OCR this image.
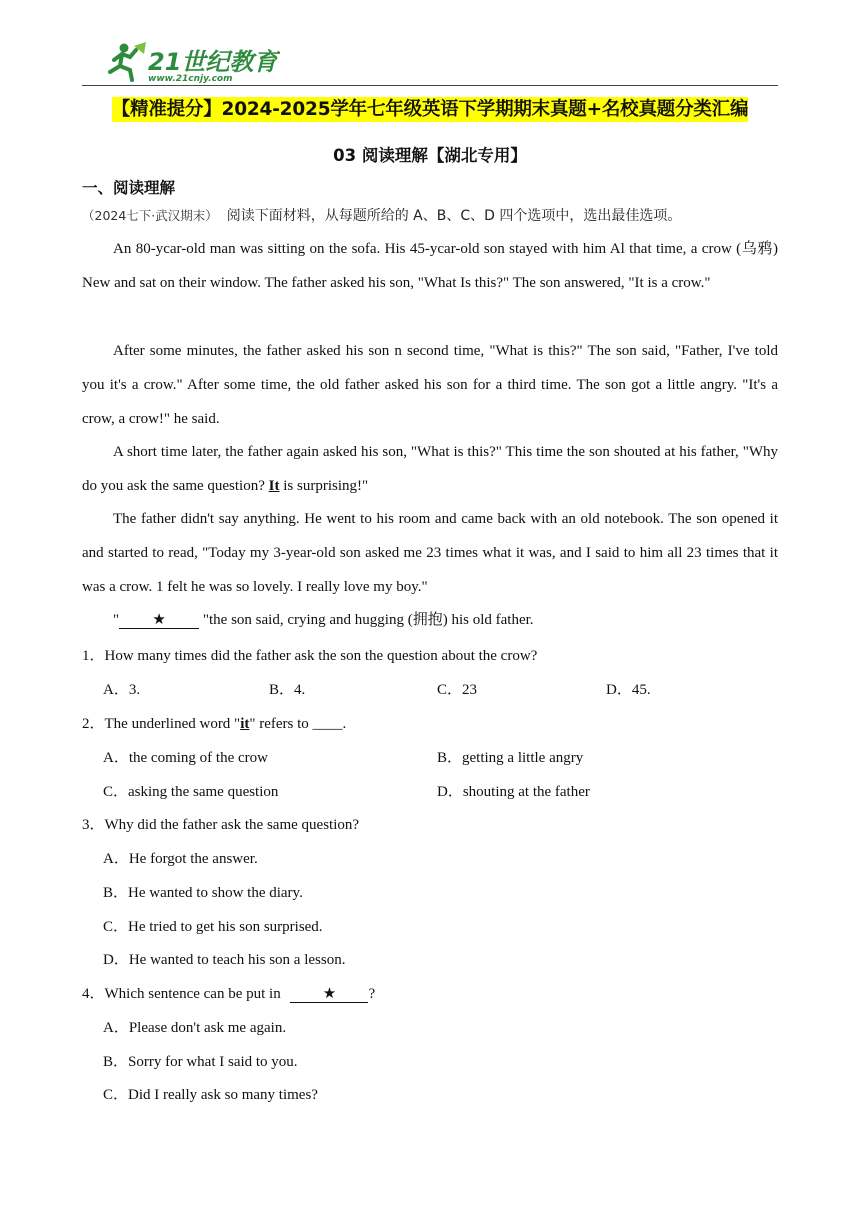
21世纪教育
www.21cnjy.com
【精准提分】2024-2025学年七年级英语下学期期末真题+名校真题分类汇编
03 阅读理解【湖北专用】
一、阅读理解
（2024七下·武汉期末） 阅读下面材料，从每题所给的 A、B、C、D 四个选项中，选出最佳选项。

An 80-ycar-old man was sitting on the sofa. His 45-ycar-old son stayed with him Al that time, a crow (乌鸦) New and sat on their window. The father asked his son, "What Is this?" The son answered, "It is a crow."

After some minutes, the father asked his son n second time, "What is this?" The son said, "Father, I've told you it's a crow." After some time, the old father asked his son for a third time. The son got a little angry. "It's a crow, a crow!" he said.

A short time later, the father again asked his son, "What is this?" This time the son shouted at his father, "Why do you ask the same question? It is surprising!"

The father didn't say anything. He went to his room and came back with an old notebook. The son opened it and started to read, "Today my 3-year-old son asked me 23 times what it was, and I said to him all 23 times that it was a crow. 1 felt he was so lovely. I really love my boy."

" ★ "the son said, crying and hugging (拥抱) his old father.

1．How many times did the father ask the son the question about the crow?
A．3.	B．4.	C．23	D．45.
2．The underlined word "it" refers to ____.
A．the coming of the crow	B．getting a little angry
C．asking the same question	D．shouting at the father
3．Why did the father ask the same question?
A．He forgot the answer.
B．He wanted to show the diary.
C．He tried to get his son surprised.
D．He wanted to teach his son a lesson.
4．Which sentence can be put in	★ ?
A．Please don't ask me again.
B．Sorry for what I said to you.
C．Did I really ask so many times?
